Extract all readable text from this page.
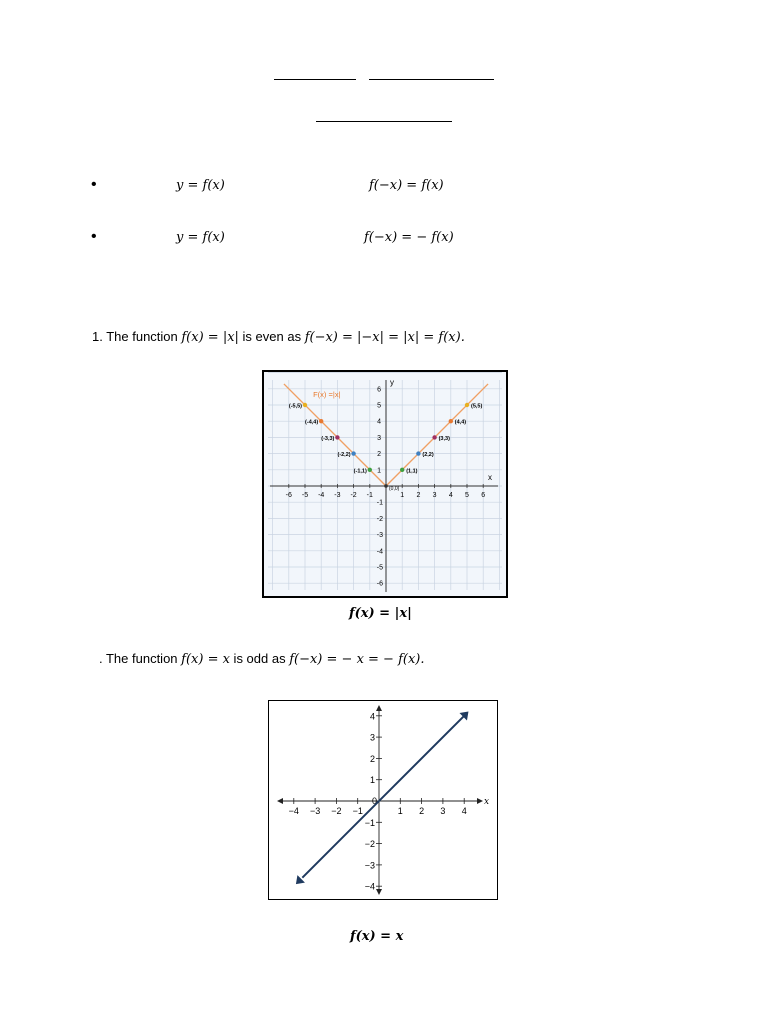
•	y = f(x)	f(−x) = f(x)
•	y = f(x)	f(−x) = − f(x)
1. The function f(x) = |x| is even as f(−x) = |−x| = |x| = f(x).
x
y
-6 -5 -4 -3 -2 -1	1 2 3 4 5 6
1
2
3
4
5
6
-1
-2
-3
-4
-5
-6
F(x) =|x|
(0,0)
(-5,5)
(-4,4)
(-3,3)
(-2,2)
(-1,1)	(1,1)
(2,2)
(3,3)
(4,4)
(5,5)
f(x) = |x|
. The function f(x) = x is odd as f(−x) = − x = − f(x).
x
−4 −3 −2 −1	1 2 3 4
4
3
2
1
−1
−2
−3
−4
0
f(x) = x
